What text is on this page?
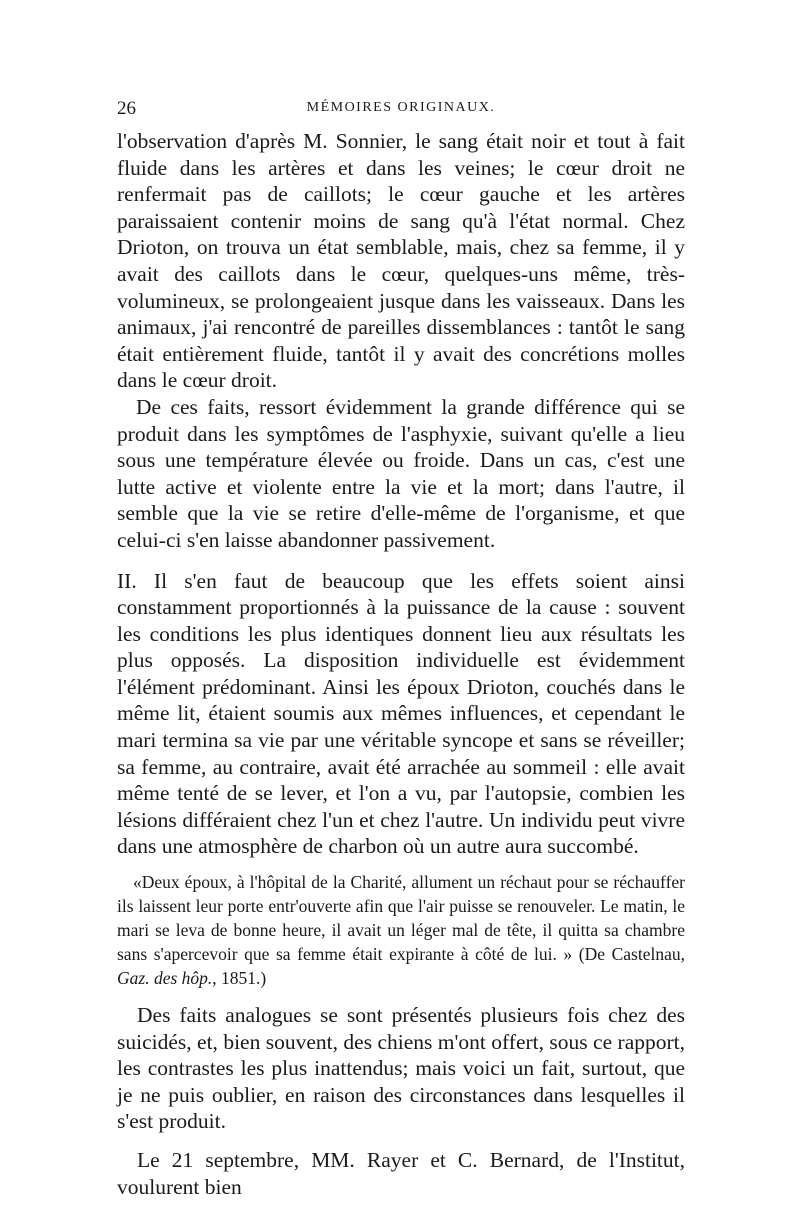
26	MÉMOIRES ORIGINAUX.

l'observation d'après M. Sonnier, le sang était noir et tout à fait fluide dans les artères et dans les veines; le cœur droit ne renfermait pas de caillots; le cœur gauche et les artères paraissaient contenir moins de sang qu'à l'état normal. Chez Drioton, on trouva un état semblable, mais, chez sa femme, il y avait des caillots dans le cœur, quelques-uns même, très-volumineux, se prolongeaient jusque dans les vaisseaux. Dans les animaux, j'ai rencontré de pareilles dissemblances : tantôt le sang était entièrement fluide, tantôt il y avait des concrétions molles dans le cœur droit.

De ces faits, ressort évidemment la grande différence qui se produit dans les symptômes de l'asphyxie, suivant qu'elle a lieu sous une température élevée ou froide. Dans un cas, c'est une lutte active et violente entre la vie et la mort; dans l'autre, il semble que la vie se retire d'elle-même de l'organisme, et que celui-ci s'en laisse abandonner passivement.

II. Il s'en faut de beaucoup que les effets soient ainsi constamment proportionnés à la puissance de la cause : souvent les conditions les plus identiques donnent lieu aux résultats les plus opposés. La disposition individuelle est évidemment l'élément prédominant. Ainsi les époux Drioton, couchés dans le même lit, étaient soumis aux mêmes influences, et cependant le mari termina sa vie par une véritable syncope et sans se réveiller; sa femme, au contraire, avait été arrachée au sommeil : elle avait même tenté de se lever, et l'on a vu, par l'autopsie, combien les lésions différaient chez l'un et chez l'autre. Un individu peut vivre dans une atmosphère de charbon où un autre aura succombé.

«Deux époux, à l'hôpital de la Charité, allument un réchaut pour se réchauffer ils laissent leur porte entr'ouverte afin que l'air puisse se renouveler. Le matin, le mari se leva de bonne heure, il avait un léger mal de tête, il quitta sa chambre sans s'apercevoir que sa femme était expirante à côté de lui. » (De Castelnau, Gaz. des hôp., 1851.)

Des faits analogues se sont présentés plusieurs fois chez des suicidés, et, bien souvent, des chiens m'ont offert, sous ce rapport, les contrastes les plus inattendus; mais voici un fait, surtout, que je ne puis oublier, en raison des circonstances dans lesquelles il s'est produit.

Le 21 septembre, MM. Rayer et C. Bernard, de l'Institut, voulurent bien
